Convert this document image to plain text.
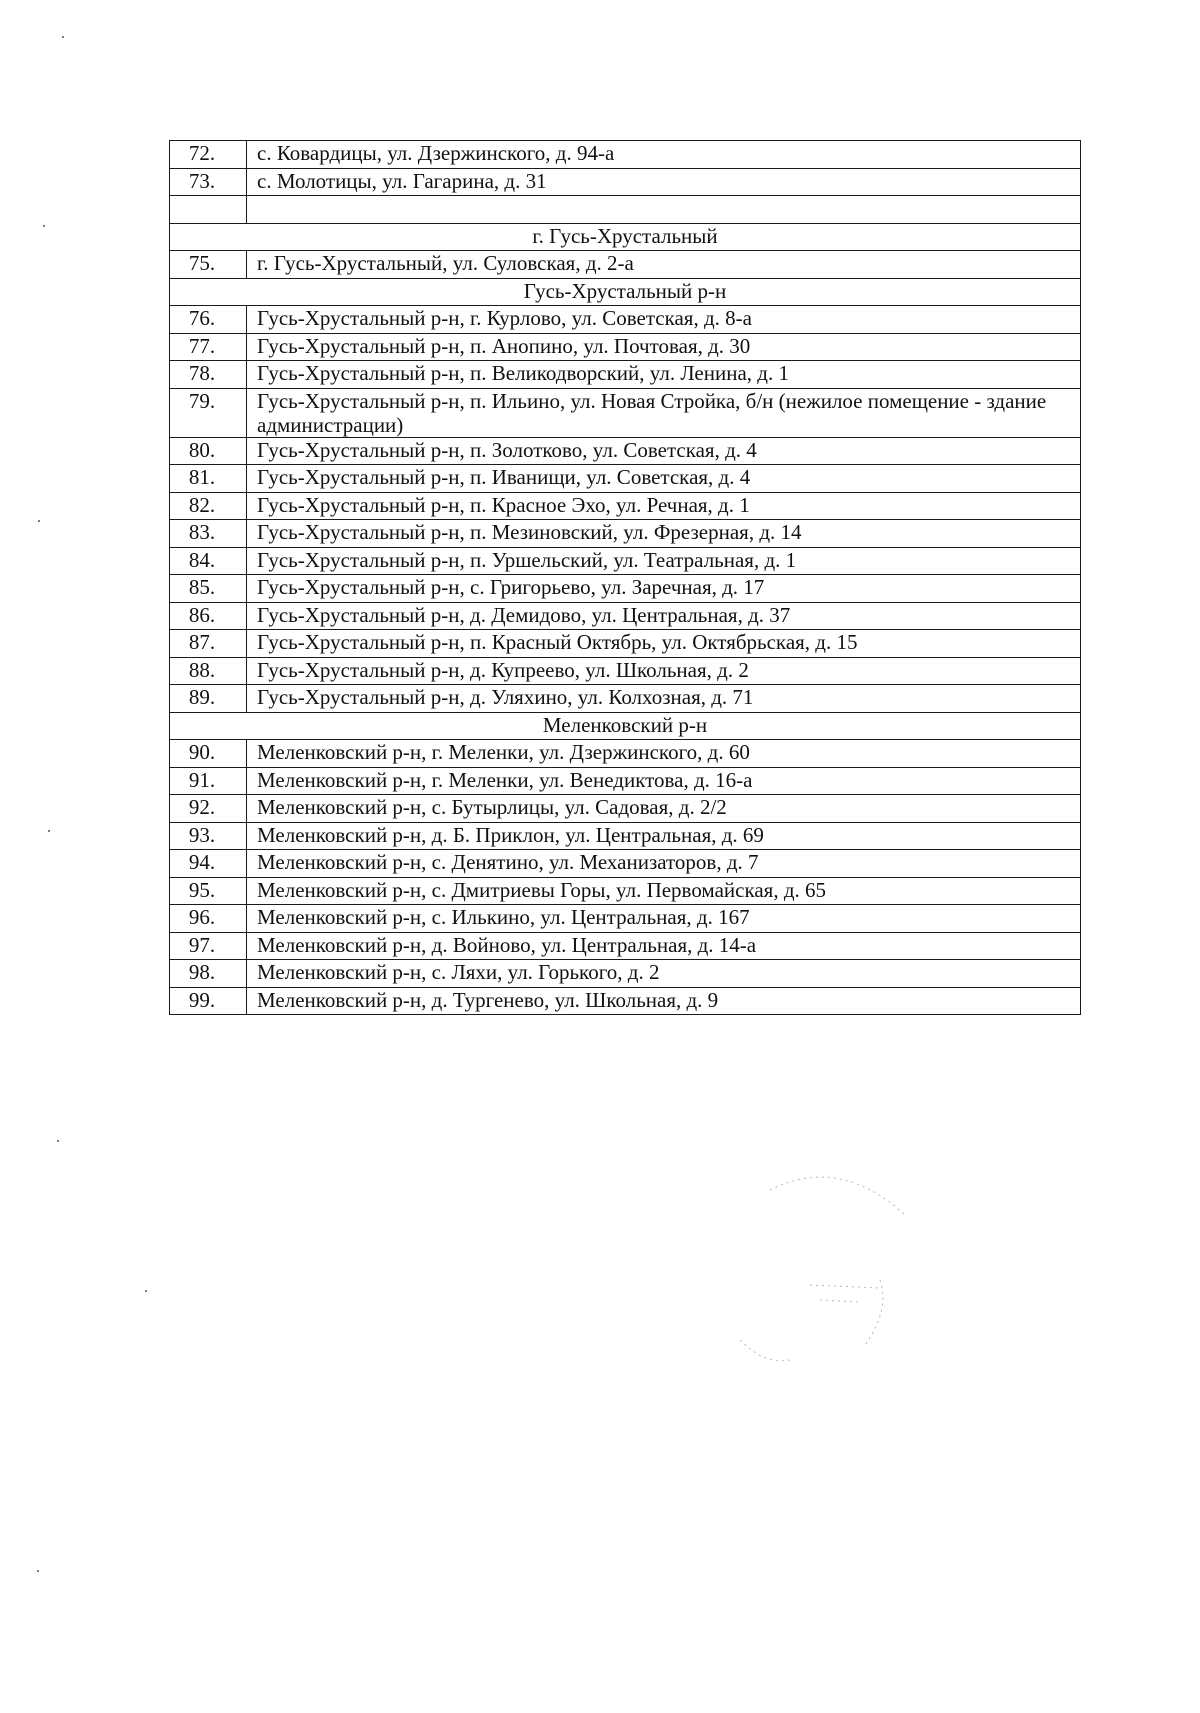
72.	с. Ковардицы, ул. Дзержинского, д. 94-а
73.	с. Молотицы, ул. Гагарина, д. 31

г. Гусь-Хрустальный	
75.	г. Гусь-Хрустальный, ул. Суловская, д. 2-а
Гусь-Хрустальный р-н	
76.	Гусь-Хрустальный р-н, г. Курлово, ул. Советская, д. 8-а
77.	Гусь-Хрустальный р-н, п. Анопино, ул. Почтовая, д. 30
78.	Гусь-Хрустальный р-н, п. Великодворский, ул. Ленина, д. 1
79.	Гусь-Хрустальный р-н, п. Ильино, ул. Новая Стройка, б/н (нежилое помещение - здание администрации)
80.	Гусь-Хрустальный р-н, п. Золотково, ул. Советская, д. 4
81.	Гусь-Хрустальный р-н, п. Иванищи, ул. Советская, д. 4
82.	Гусь-Хрустальный р-н, п. Красное Эхо, ул. Речная, д. 1
83.	Гусь-Хрустальный р-н, п. Мезиновский, ул. Фрезерная, д. 14
84.	Гусь-Хрустальный р-н, п. Уршельский, ул. Театральная, д. 1
85.	Гусь-Хрустальный р-н, с. Григорьево, ул. Заречная, д. 17
86.	Гусь-Хрустальный р-н, д. Демидово, ул. Центральная, д. 37
87.	Гусь-Хрустальный р-н, п. Красный Октябрь, ул. Октябрьская, д. 15
88.	Гусь-Хрустальный р-н, д. Купреево, ул. Школьная, д. 2
89.	Гусь-Хрустальный р-н, д. Уляхино, ул. Колхозная, д. 71
Меленковский р-н	
90.	Меленковский р-н, г. Меленки, ул. Дзержинского, д. 60
91.	Меленковский р-н, г. Меленки, ул. Венедиктова, д. 16-а
92.	Меленковский р-н, с. Бутырлицы, ул. Садовая, д. 2/2
93.	Меленковский р-н, д. Б. Приклон, ул. Центральная, д. 69
94.	Меленковский р-н, с. Денятино, ул. Механизаторов, д. 7
95.	Меленковский р-н, с. Дмитриевы Горы, ул. Первомайская, д. 65
96.	Меленковский р-н, с. Илькино, ул. Центральная, д. 167
97.	Меленковский р-н, д. Войново, ул. Центральная, д. 14-а
98.	Меленковский р-н, с. Ляхи, ул. Горького, д. 2
99.	Меленковский р-н, д. Тургенево, ул. Школьная, д. 9
